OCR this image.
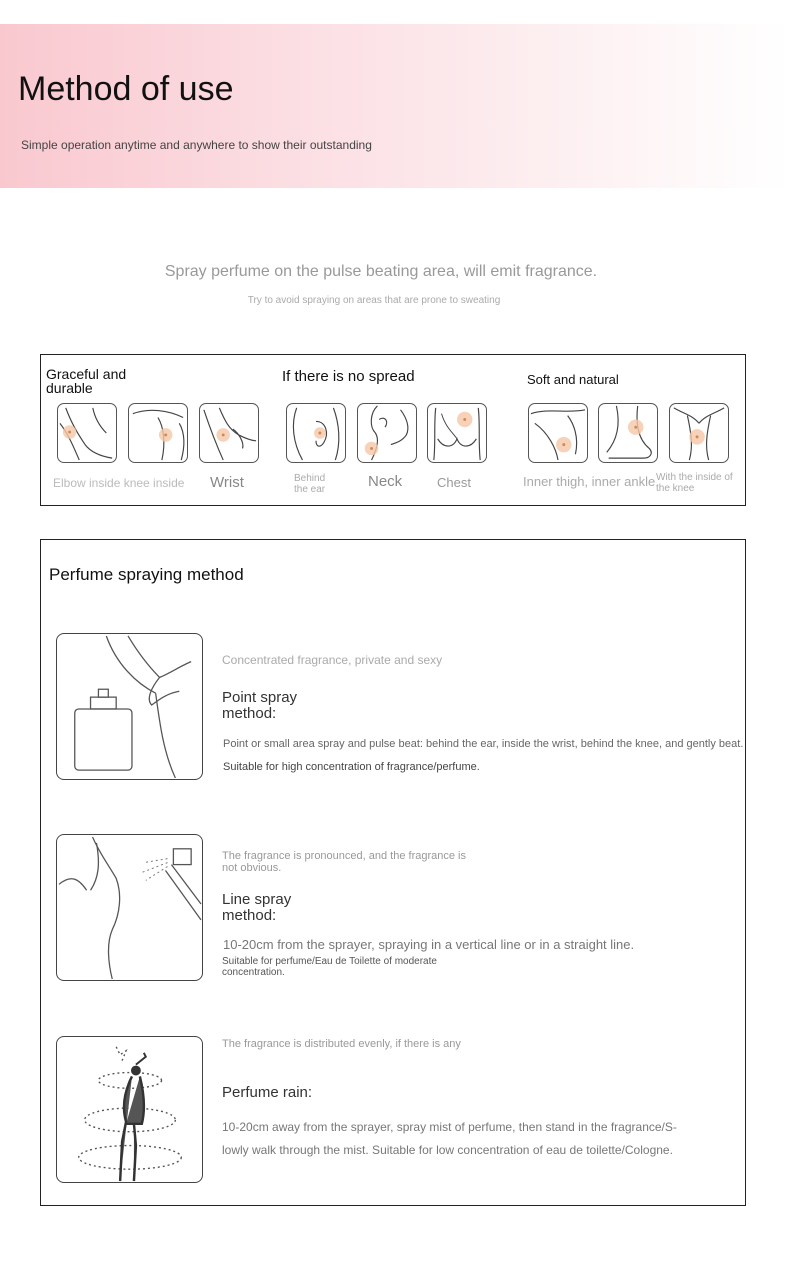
Method of use
Simple operation anytime and anywhere to show their outstanding
Spray perfume on the pulse beating area, will emit fragrance.
Try to avoid spraying on areas that are prone to sweating
Graceful and durable
If there is no spread	Soft and natural
Elbow inside knee inside Wrist	Behind the ear	Neck	Chest	Inner thigh, inner ankle With the inside of the knee
Perfume spraying method
Concentrated fragrance, private and sexy
Point spray method:
Point or small area spray and pulse beat: behind the ear, inside the wrist, behind the knee, and gently beat.
Suitable for high concentration of fragrance/perfume.
The fragrance is pronounced, and the fragrance is not obvious.
Line spray method:
10-20cm from the sprayer, spraying in a vertical line or in a straight line.
Suitable for perfume/Eau de Toilette of moderate concentration.
The fragrance is distributed evenly, if there is any
Perfume rain:
10-20cm away from the sprayer, spray mist of perfume, then stand in the fragrance/S-
lowly walk through the mist. Suitable for low concentration of eau de toilette/Cologne.
